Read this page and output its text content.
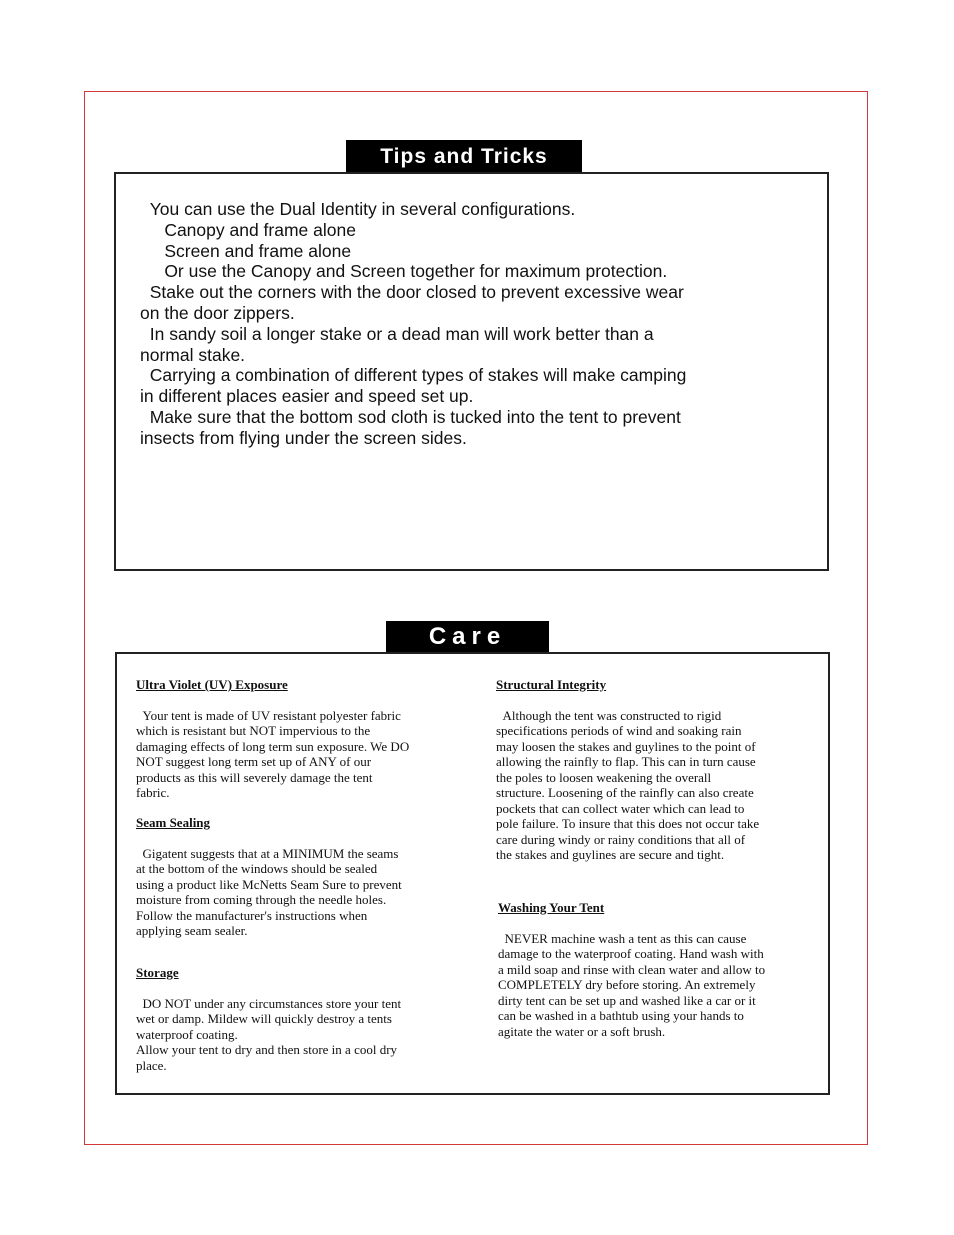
Tips and Tricks

You can use the Dual Identity in several configurations.
Canopy and frame alone
Screen and frame alone
Or use the Canopy and Screen together for maximum protection.
Stake out the corners with the door closed to prevent excessive wear
on the door zippers.
In sandy soil a longer stake or a dead man will work better than a
normal stake.
Carrying a combination of different types of stakes will make camping
in different places easier and speed set up.
Make sure that the bottom sod cloth is tucked into the tent to prevent
insects from flying under the screen sides.

Care

Ultra Violet (UV) Exposure

Your tent is made of UV resistant polyester fabric
which is resistant but NOT impervious to the
damaging effects of long term sun exposure. We DO
NOT suggest long term set up of ANY of our
products as this will severely damage the tent
fabric.

Seam Sealing

Gigatent suggests that at a MINIMUM the seams
at the bottom of the windows should be sealed
using a product like McNetts Seam Sure to prevent
moisture from coming through the needle holes.
Follow the manufacturer's instructions when
applying seam sealer.

Storage

DO NOT under any circumstances store your tent
wet or damp. Mildew will quickly destroy a tents
waterproof coating.
Allow your tent to dry and then store in a cool dry
place.

Structural Integrity

Although the tent was constructed to rigid
specifications periods of wind and soaking rain
may loosen the stakes and guylines to the point of
allowing the rainfly to flap. This can in turn cause
the poles to loosen weakening the overall
structure. Loosening of the rainfly can also create
pockets that can collect water which can lead to
pole failure. To insure that this does not occur take
care during windy or rainy conditions that all of
the stakes and guylines are secure and tight.

Washing Your Tent

NEVER machine wash a tent as this can cause
damage to the waterproof coating. Hand wash with
a mild soap and rinse with clean water and allow to
COMPLETELY dry before storing. An extremely
dirty tent can be set up and washed like a car or it
can be washed in a bathtub using your hands to
agitate the water or a soft brush.
